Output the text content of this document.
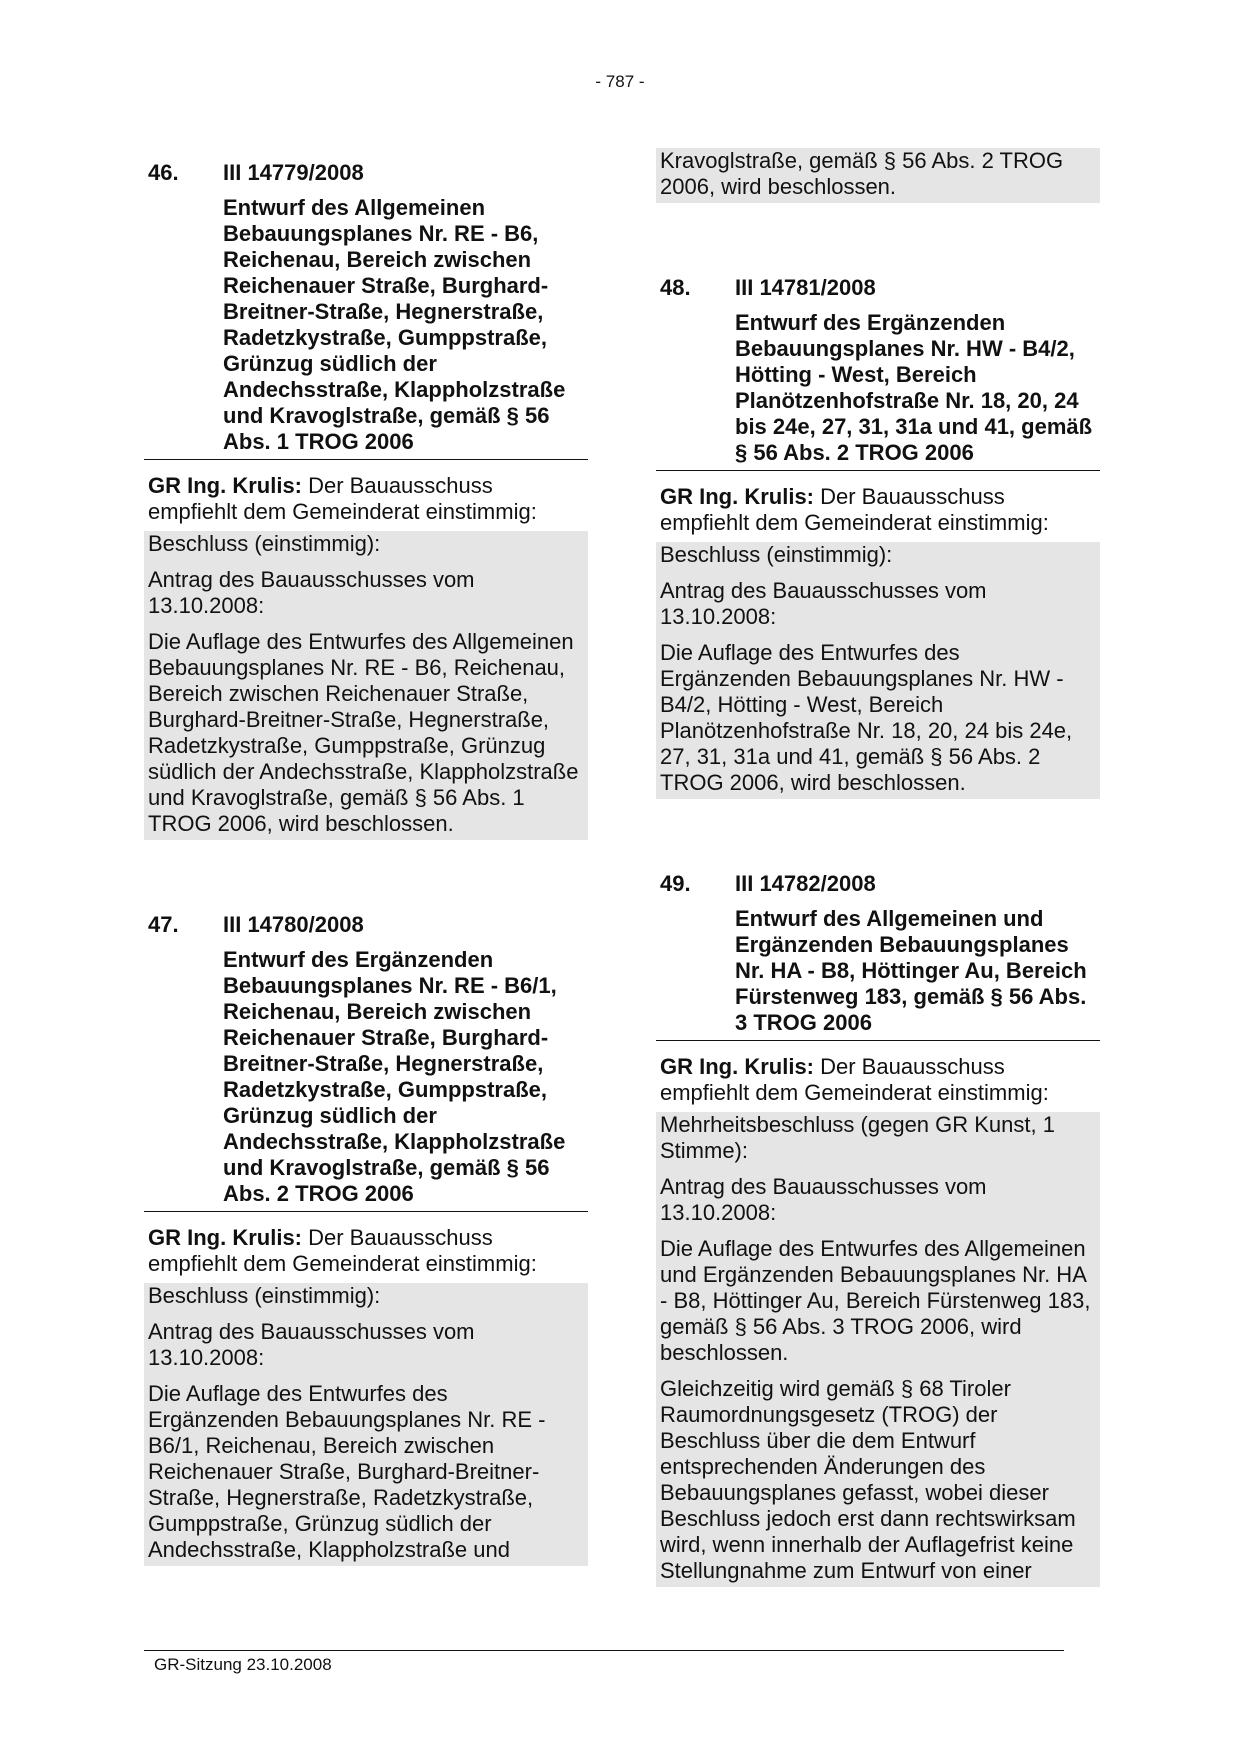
- 787 -
46.	III 14779/2008
Entwurf des Allgemeinen Bebauungsplanes Nr. RE - B6, Reichenau, Bereich zwischen Reichenauer Straße, Burghard-Breitner-Straße, Hegnerstraße, Radetzkystraße, Gumppstraße, Grünzug südlich der Andechsstraße, Klappholzstraße und Kravoglstraße, gemäß § 56 Abs. 1 TROG 2006
GR Ing. Krulis: Der Bauausschuss empfiehlt dem Gemeinderat einstimmig:

Beschluss (einstimmig):

Antrag des Bauausschusses vom 13.10.2008:

Die Auflage des Entwurfes des Allgemeinen Bebauungsplanes Nr. RE - B6, Reichenau, Bereich zwischen Reichenauer Straße, Burghard-Breitner-Straße, Hegnerstraße, Radetzkystraße, Gumppstraße, Grünzug südlich der Andechsstraße, Klappholzstraße und Kravoglstraße, gemäß § 56 Abs. 1 TROG 2006, wird beschlossen.

47.	III 14780/2008
Entwurf des Ergänzenden Bebauungsplanes Nr. RE - B6/1, Reichenau, Bereich zwischen Reichenauer Straße, Burghard-Breitner-Straße, Hegnerstraße, Radetzkystraße, Gumppstraße, Grünzug südlich der Andechsstraße, Klappholzstraße und Kravoglstraße, gemäß § 56 Abs. 2 TROG 2006
GR Ing. Krulis: Der Bauausschuss empfiehlt dem Gemeinderat einstimmig:

Beschluss (einstimmig):

Antrag des Bauausschusses vom 13.10.2008:

Die Auflage des Entwurfes des Ergänzenden Bebauungsplanes Nr. RE - B6/1, Reichenau, Bereich zwischen Reichenauer Straße, Burghard-Breitner-Straße, Hegnerstraße, Radetzkystraße, Gumppstraße, Grünzug südlich der Andechsstraße, Klappholzstraße und

Kravoglstraße, gemäß § 56 Abs. 2 TROG 2006, wird beschlossen.
48.	III 14781/2008
Entwurf des Ergänzenden Bebauungsplanes Nr. HW - B4/2, Hötting - West, Bereich Planötzenhofstraße Nr. 18, 20, 24 bis 24e, 27, 31, 31a und 41, gemäß § 56 Abs. 2 TROG 2006
GR Ing. Krulis: Der Bauausschuss empfiehlt dem Gemeinderat einstimmig:

Beschluss (einstimmig):

Antrag des Bauausschusses vom 13.10.2008:

Die Auflage des Entwurfes des Ergänzenden Bebauungsplanes Nr. HW - B4/2, Hötting - West, Bereich Planötzenhofstraße Nr. 18, 20, 24 bis 24e, 27, 31, 31a und 41, gemäß § 56 Abs. 2 TROG 2006, wird beschlossen.

49.	III 14782/2008
Entwurf des Allgemeinen und Ergänzenden Bebauungsplanes Nr. HA - B8, Höttinger Au, Bereich Fürstenweg 183, gemäß § 56 Abs. 3 TROG 2006
GR Ing. Krulis: Der Bauausschuss empfiehlt dem Gemeinderat einstimmig:

Mehrheitsbeschluss (gegen GR Kunst, 1 Stimme):

Antrag des Bauausschusses vom 13.10.2008:

Die Auflage des Entwurfes des Allgemeinen und Ergänzenden Bebauungsplanes Nr. HA - B8, Höttinger Au, Bereich Fürstenweg 183, gemäß § 56 Abs. 3 TROG 2006, wird beschlossen.

Gleichzeitig wird gemäß § 68 Tiroler Raumordnungsgesetz (TROG) der Beschluss über die dem Entwurf entsprechenden Änderungen des Bebauungsplanes gefasst, wobei dieser Beschluss jedoch erst dann rechtswirksam wird, wenn innerhalb der Auflagefrist keine Stellungnahme zum Entwurf von einer

GR-Sitzung 23.10.2008
